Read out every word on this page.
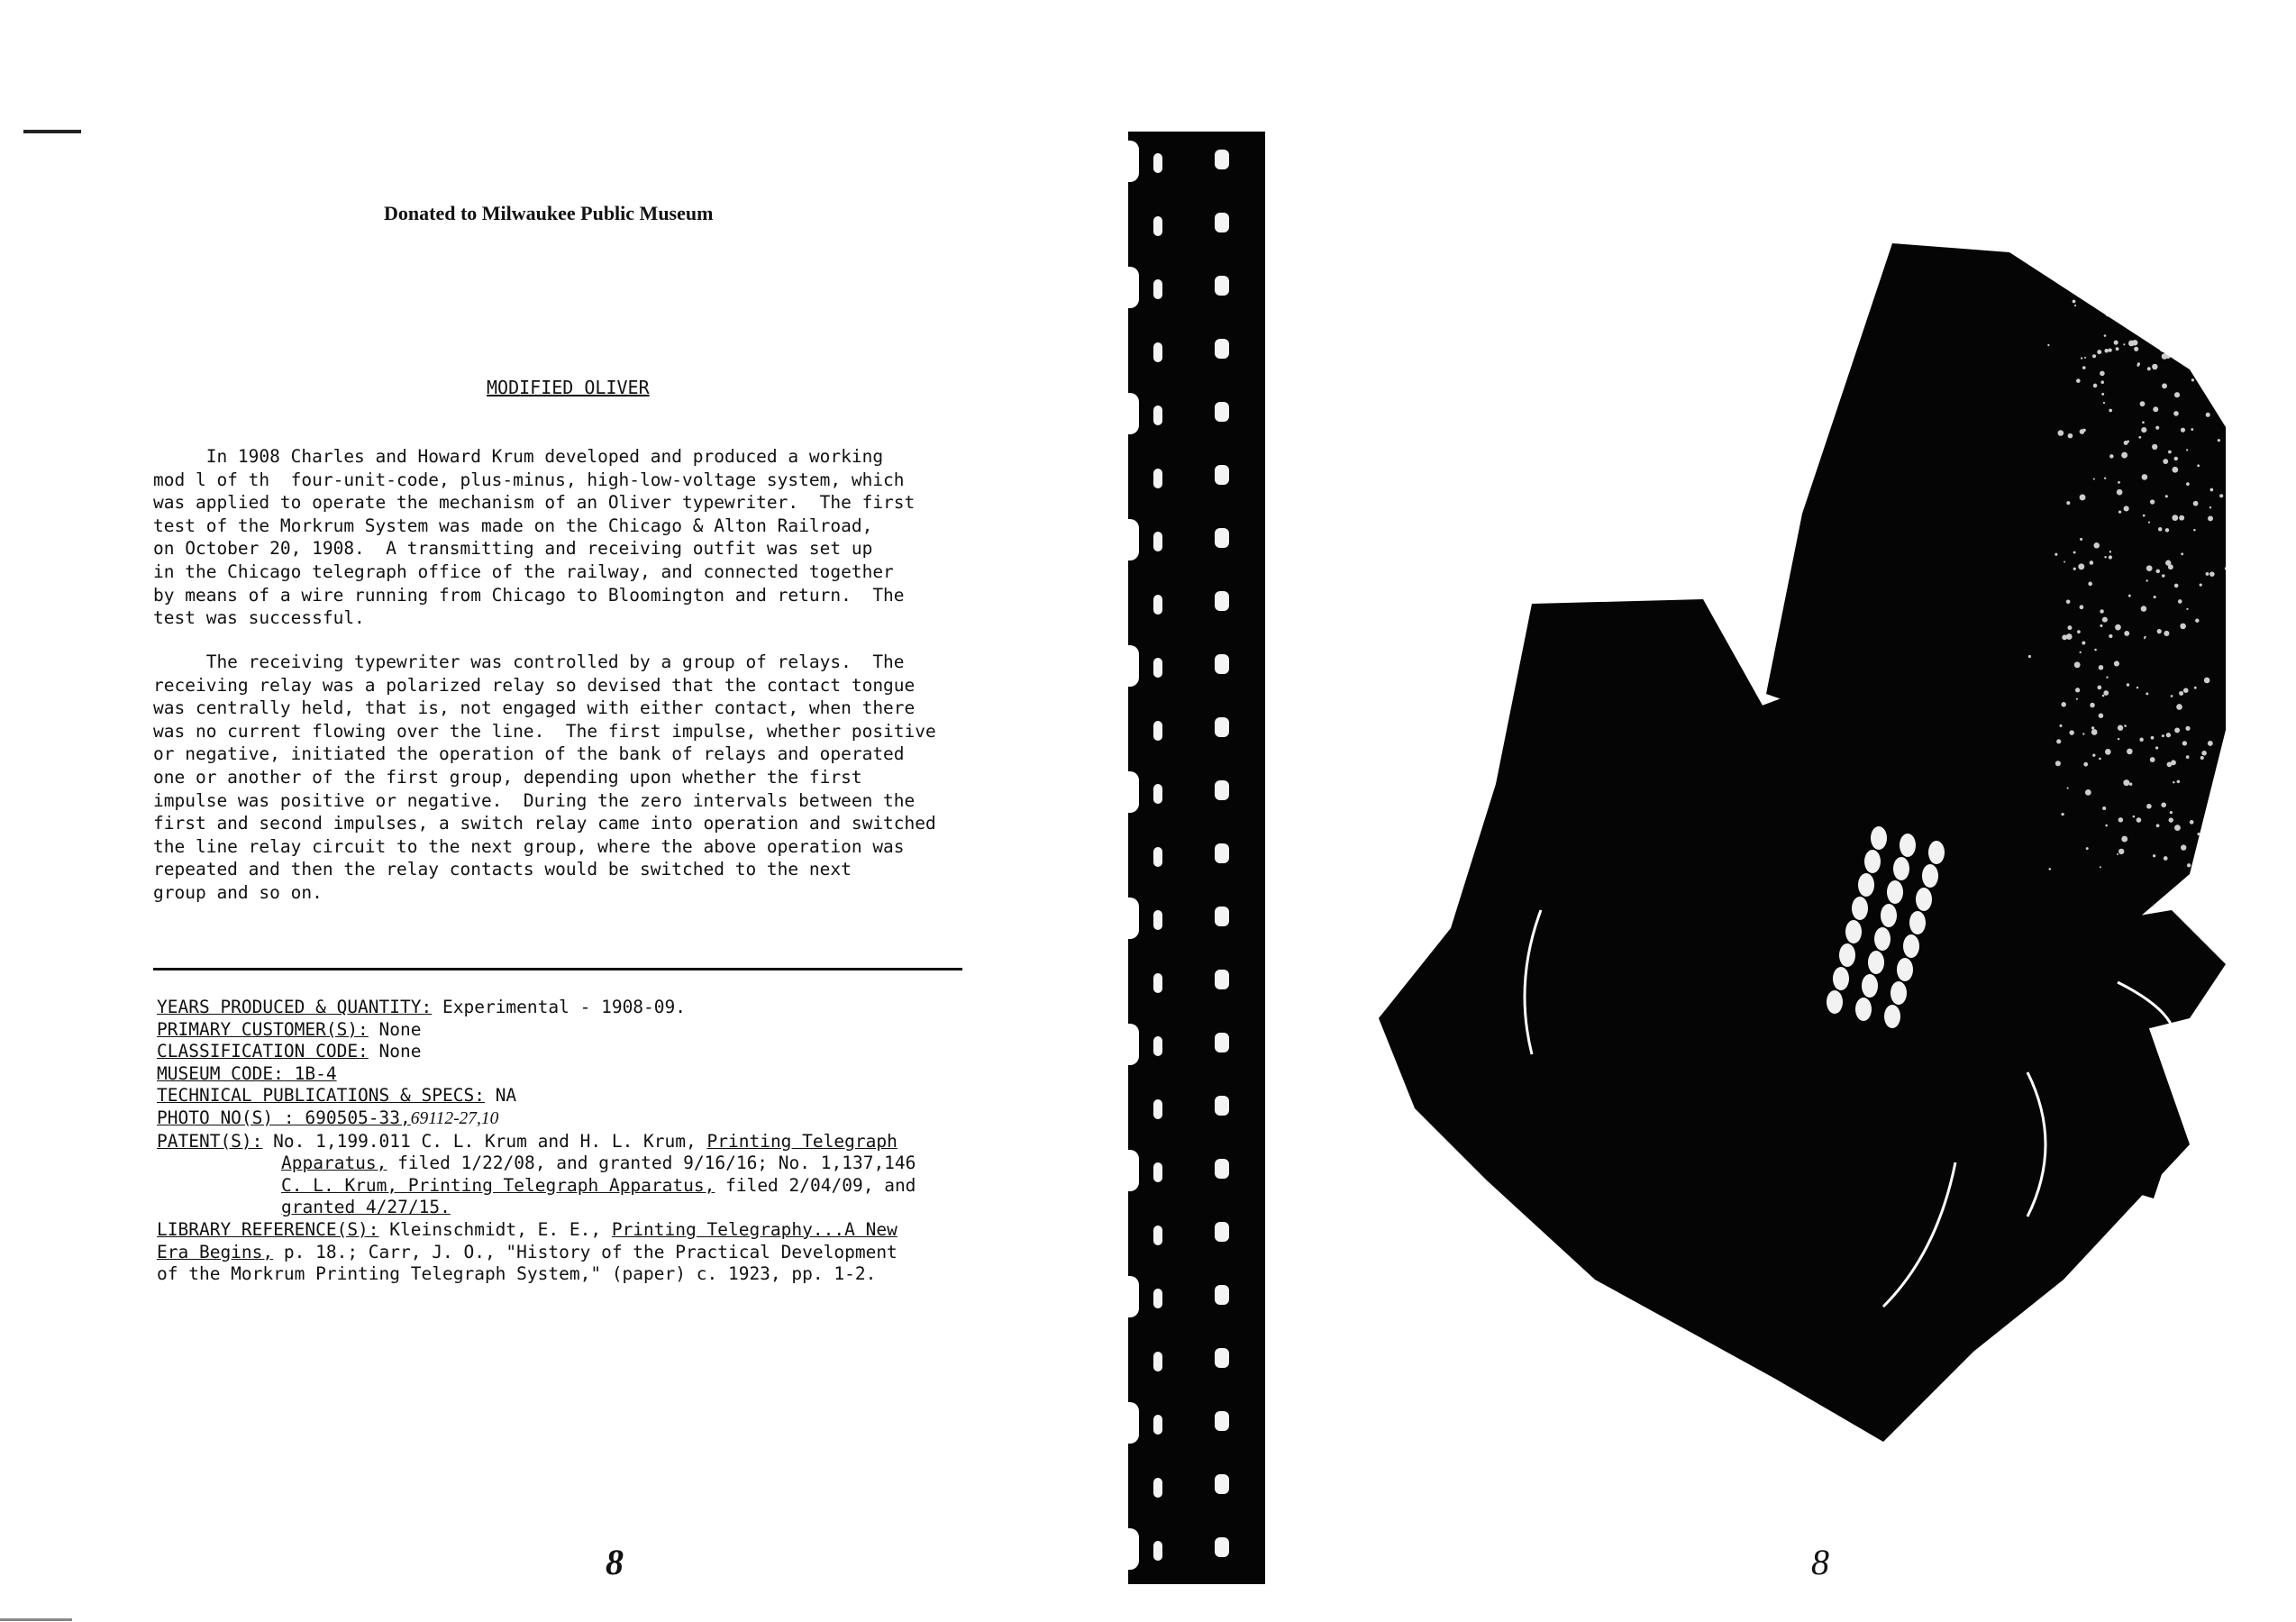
Donated to Milwaukee Public Museum
MODIFIED OLIVER
In 1908 Charles and Howard Krum developed and produced a working
mod l of th  four-unit-code, plus-minus, high-low-voltage system, which
was applied to operate the mechanism of an Oliver typewriter.  The first
test of the Morkrum System was made on the Chicago & Alton Railroad,
on October 20, 1908.  A transmitting and receiving outfit was set up
in the Chicago telegraph office of the railway, and connected together
by means of a wire running from Chicago to Bloomington and return.  The
test was successful.
The receiving typewriter was controlled by a group of relays.  The
receiving relay was a polarized relay so devised that the contact tongue
was centrally held, that is, not engaged with either contact, when there
was no current flowing over the line.  The first impulse, whether positive
or negative, initiated the operation of the bank of relays and operated
one or another of the first group, depending upon whether the first
impulse was positive or negative.  During the zero intervals between the
first and second impulses, a switch relay came into operation and switched
the line relay circuit to the next group, where the above operation was
repeated and then the relay contacts would be switched to the next
group and so on.
YEARS PRODUCED & QUANTITY: Experimental - 1908-09.
PRIMARY CUSTOMER(S): None
CLASSIFICATION CODE: None
MUSEUM CODE: 1B-4
TECHNICAL PUBLICATIONS & SPECS: NA
PHOTO NO(S) : 690505-33,69112-27,10
PATENT(S): No. 1,199.011 C. L. Krum and H. L. Krum, Printing Telegraph
Apparatus, filed 1/22/08, and granted 9/16/16; No. 1,137,146
C. L. Krum, Printing Telegraph Apparatus, filed 2/04/09, and
granted 4/27/15.
LIBRARY REFERENCE(S): Kleinschmidt, E. E., Printing Telegraphy...A New
Era Begins, p. 18.; Carr, J. O., "History of the Practical Development
of the Morkrum Printing Telegraph System," (paper) c. 1923, pp. 1-2.
8	8
